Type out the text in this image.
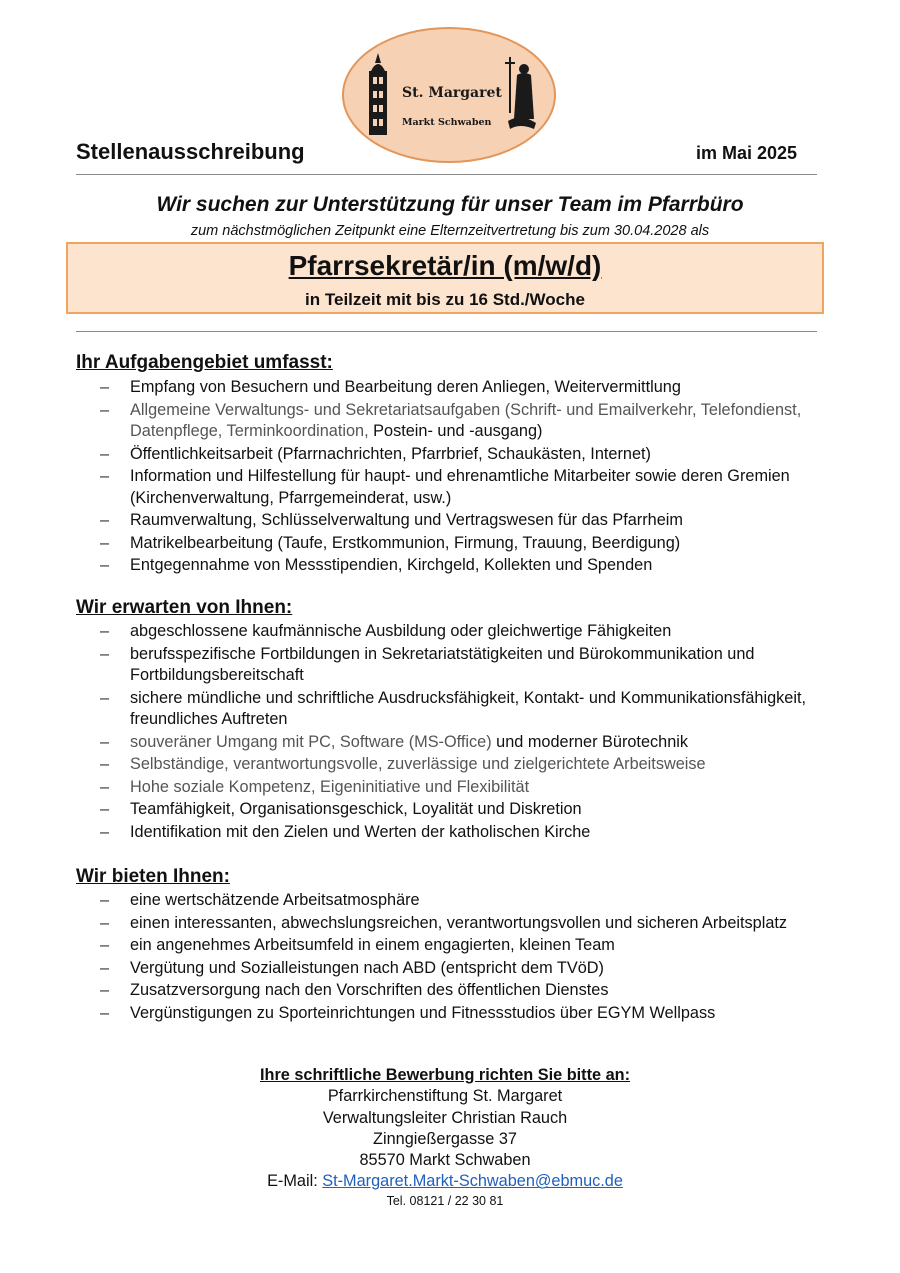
St. Margaret
Markt Schwaben
Stellenausschreibung	im Mai 2025
Wir suchen zur Unterstützung für unser Team im Pfarrbüro
zum nächstmöglichen Zeitpunkt eine Elternzeitvertretung bis zum 30.04.2028 als
Pfarrsekretär/in (m/w/d)
in Teilzeit mit bis zu 16 Std./Woche
Ihr Aufgabengebiet umfasst:
– Empfang von Besuchern und Bearbeitung deren Anliegen, Weitervermittlung
– Allgemeine Verwaltungs- und Sekretariatsaufgaben (Schrift- und Emailverkehr, Telefondienst, Datenpflege, Terminkoordination, Postein- und -ausgang)
– Öffentlichkeitsarbeit (Pfarrnachrichten, Pfarrbrief, Schaukästen, Internet)
– Information und Hilfestellung für haupt- und ehrenamtliche Mitarbeiter sowie deren Gremien (Kirchenverwaltung, Pfarrgemeinderat, usw.)
– Raumverwaltung, Schlüsselverwaltung und Vertragswesen für das Pfarrheim
– Matrikelbearbeitung (Taufe, Erstkommunion, Firmung, Trauung, Beerdigung)
– Entgegennahme von Messstipendien, Kirchgeld, Kollekten und Spenden
Wir erwarten von Ihnen:
– abgeschlossene kaufmännische Ausbildung oder gleichwertige Fähigkeiten
– berufsspezifische Fortbildungen in Sekretariatstätigkeiten und Bürokommunikation und Fortbildungsbereitschaft
– sichere mündliche und schriftliche Ausdrucksfähigkeit, Kontakt- und Kommunikationsfähigkeit, freundliches Auftreten
– souveräner Umgang mit PC, Software (MS-Office) und moderner Bürotechnik
– Selbständige, verantwortungsvolle, zuverlässige und zielgerichtete Arbeitsweise
– Hohe soziale Kompetenz, Eigeninitiative und Flexibilität
– Teamfähigkeit, Organisationsgeschick, Loyalität und Diskretion
– Identifikation mit den Zielen und Werten der katholischen Kirche
Wir bieten Ihnen:
– eine wertschätzende Arbeitsatmosphäre
– einen interessanten, abwechslungsreichen, verantwortungsvollen und sicheren Arbeitsplatz
– ein angenehmes Arbeitsumfeld in einem engagierten, kleinen Team
– Vergütung und Sozialleistungen nach ABD (entspricht dem TVöD)
– Zusatzversorgung nach den Vorschriften des öffentlichen Dienstes
– Vergünstigungen zu Sporteinrichtungen und Fitnessstudios über EGYM Wellpass
Ihre schriftliche Bewerbung richten Sie bitte an:
Pfarrkirchenstiftung St. Margaret
Verwaltungsleiter Christian Rauch
Zinngießergasse 37
85570 Markt Schwaben
E-Mail: St-Margaret.Markt-Schwaben@ebmuc.de
Tel. 08121 / 22 30 81
